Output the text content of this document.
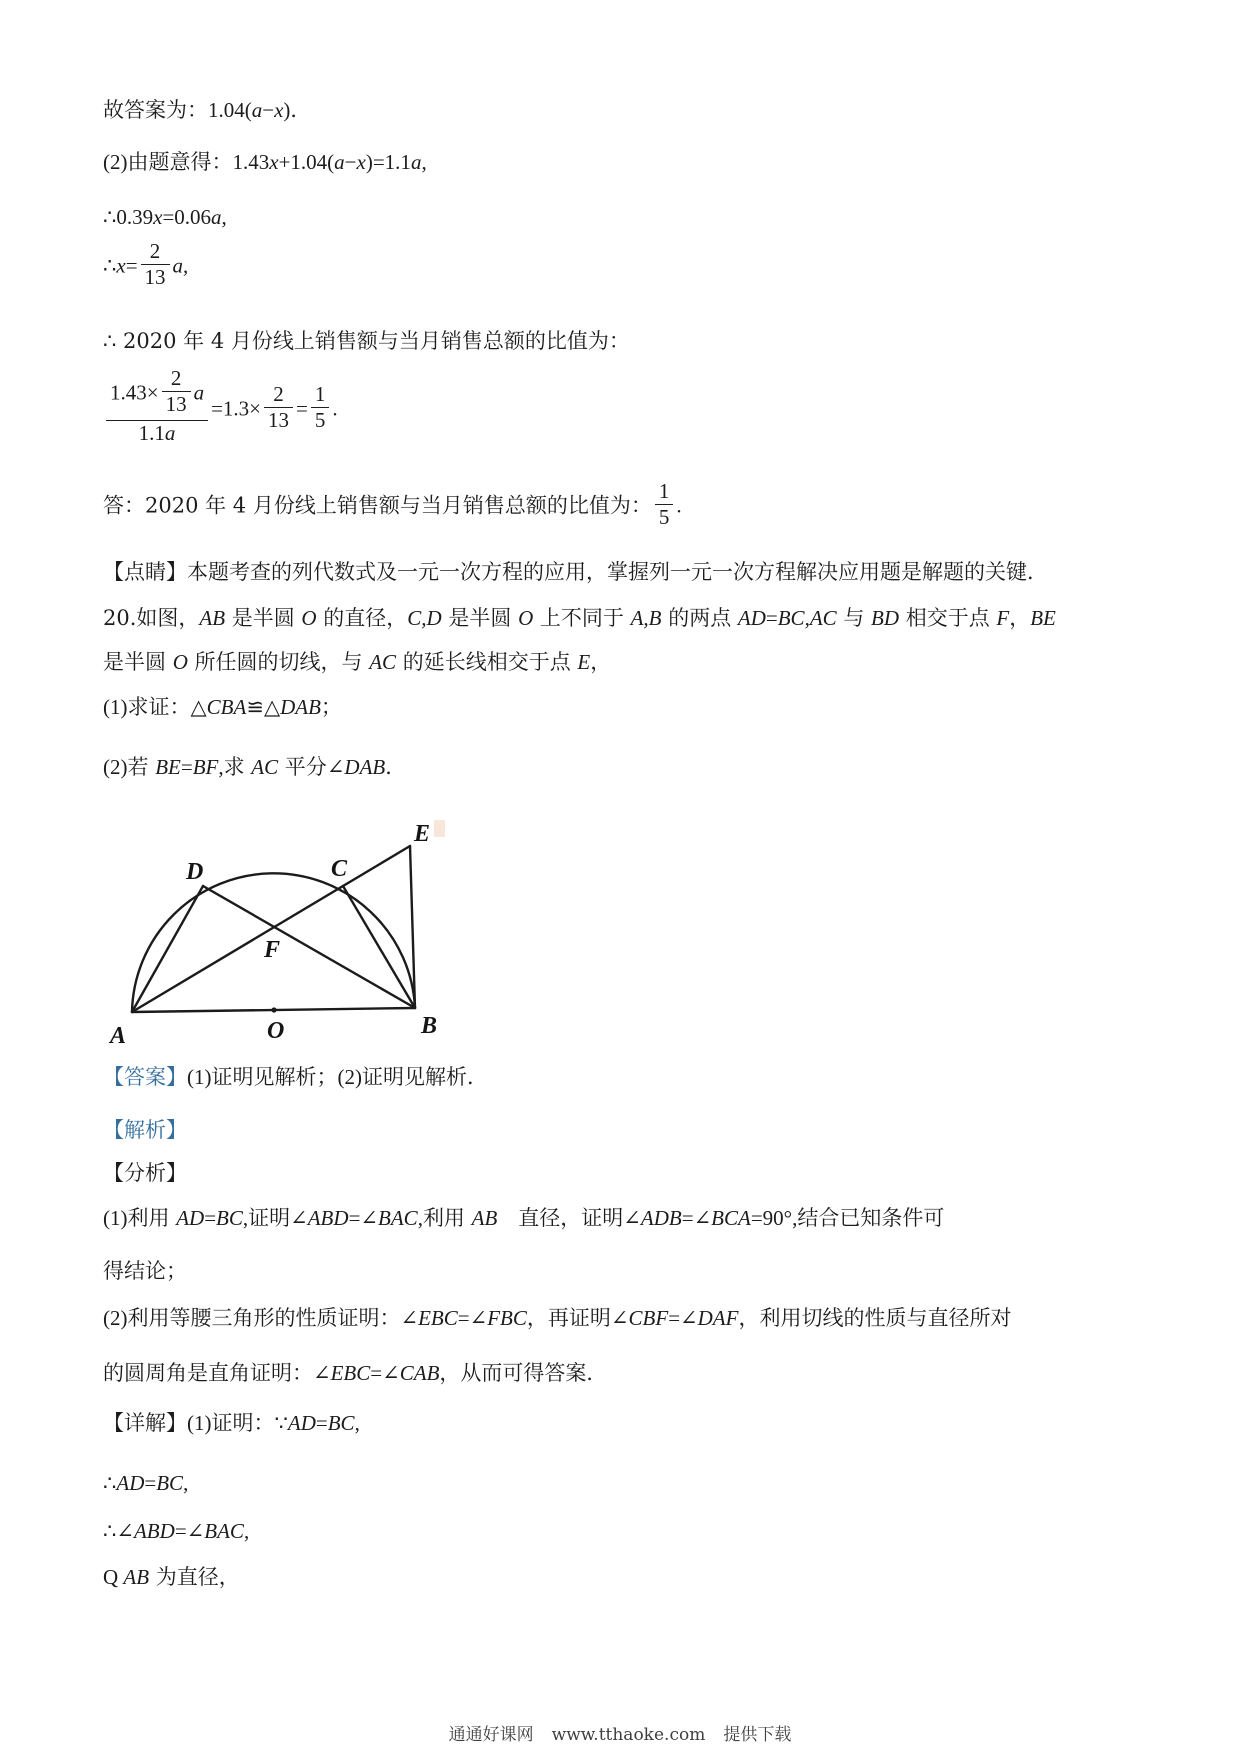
故答案为：1.04(a−x)．
(2)由题意得：1.43x+1.04(a−x)=1.1a,
∴0.39x=0.06a,
∴x= $\frac{2}{13} a$,
∴ 2020 年 4 月份线上销售额与当月销售总额的比值为：
$\frac{1.43\times \frac{2}{13} a}{1.1a} =1.3\times \frac{2}{13} = \frac{1}{5}$ .
答：2020 年 4 月份线上销售额与当月销售总额的比值为： $\frac{1}{5}$ .
【点睛】本题考查的列代数式及一元一次方程的应用，掌握列一元一次方程解决应用题是解题的关键．
20.如图，AB 是半圆 O 的直径，C,D 是半圆 O 上不同于 A,B 的两点 AD=BC,AC 与 BD 相交于点 F，BE
是半圆 O 所任圆的切线，与 AC 的延长线相交于点 E，
(1)求证：△CBA≌△DAB；
(2)若 BE=BF,求 AC 平分∠DAB．
A	B
C
D
E
F
O
【答案】(1)证明见解析；(2)证明见解析．
【解析】
【分析】
(1)利用 AD=BC,证明∠ABD=∠BAC,利用 AB　直径，证明∠ADB=∠BCA=90°,结合已知条件可
得结论；
(2)利用等腰三角形的性质证明：∠EBC=∠FBC，再证明∠CBF=∠DAF，利用切线的性质与直径所对
的圆周角是直角证明：∠EBC=∠CAB，从而可得答案．
【详解】(1)证明：∵AD=BC,
∴AD=BC,
∴∠ABD=∠BAC,
Q AB 为直径，
通通好课网 www.tthaoke.com 提供下载
